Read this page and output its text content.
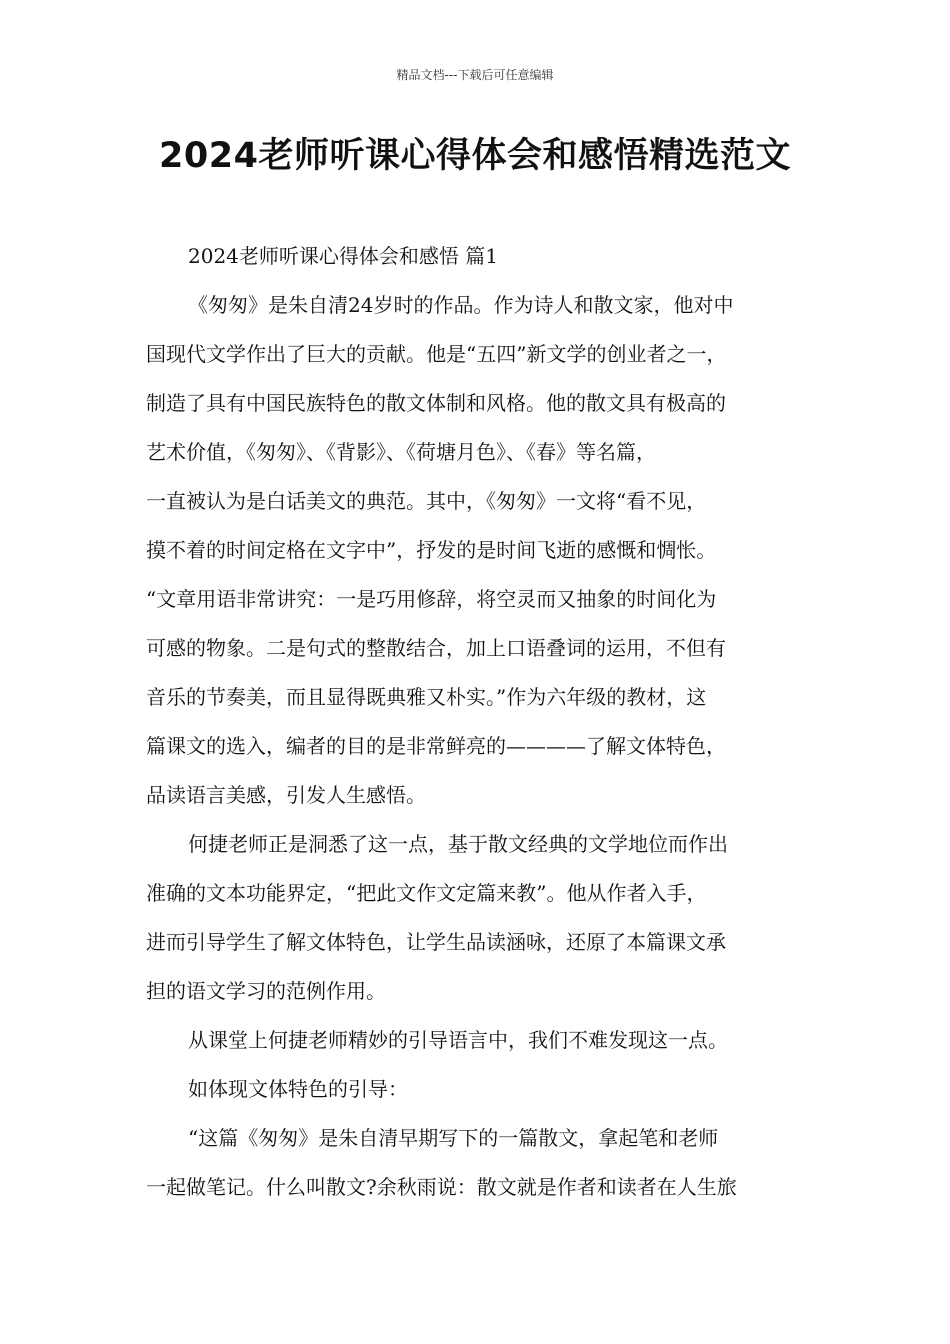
精品文档---下载后可任意编辑
2024老师听课心得体会和感悟精选范文
2024老师听课心得体会和感悟 篇1
《匆匆》是朱自清24岁时的作品。作为诗人和散文家，他对中
国现代文学作出了巨大的贡献。他是“五四”新文学的创业者之一，
制造了具有中国民族特色的散文体制和风格。他的散文具有极高的
艺术价值，《匆匆》、《背影》、《荷塘月色》、《春》等名篇，
一直被认为是白话美文的典范。其中，《匆匆》一文将“看不见，
摸不着的时间定格在文字中”，抒发的是时间飞逝的感慨和惆怅。
“文章用语非常讲究：一是巧用修辞，将空灵而又抽象的时间化为
可感的物象。二是句式的整散结合，加上口语叠词的运用，不但有
音乐的节奏美，而且显得既典雅又朴实。”作为六年级的教材，这
篇课文的选入，编者的目的是非常鲜亮的————了解文体特色，
品读语言美感，引发人生感悟。
何捷老师正是洞悉了这一点，基于散文经典的文学地位而作出
准确的文本功能界定，“把此文作文定篇来教”。他从作者入手，
进而引导学生了解文体特色，让学生品读涵咏，还原了本篇课文承
担的语文学习的范例作用。
从课堂上何捷老师精妙的引导语言中，我们不难发现这一点。
如体现文体特色的引导：
“这篇《匆匆》是朱自清早期写下的一篇散文，拿起笔和老师
一起做笔记。什么叫散文?余秋雨说：散文就是作者和读者在人生旅
